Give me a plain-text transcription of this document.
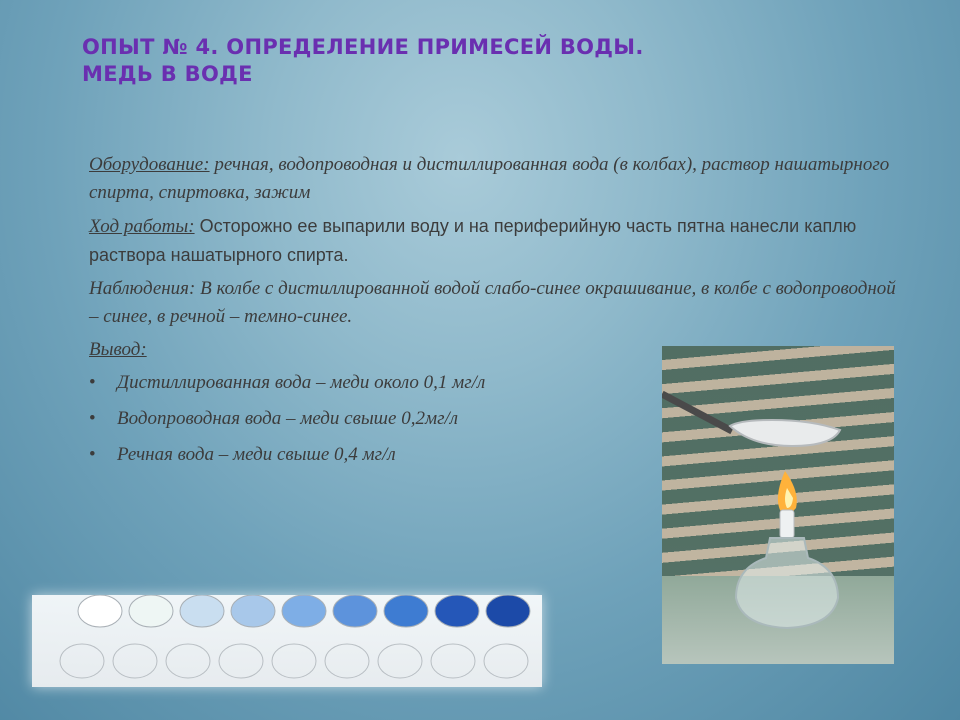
ОПЫТ № 4. ОПРЕДЕЛЕНИЕ ПРИМЕСЕЙ ВОДЫ.
МЕДЬ В ВОДЕ

Оборудование: речная, водопроводная и дистиллированная вода (в колбах), раствор нашатырного спирта, спиртовка, зажим

Ход работы: Осторожно ее выпарили воду и на периферийную часть пятна нанесли каплю раствора нашатырного спирта.

Наблюдения: В колбе с дистиллированной водой слабо-синее окрашивание, в колбе с водопроводной – синее, в речной – темно-синее.

Вывод:

• Дистиллированная вода – меди около 0,1 мг/л
• Водопроводная вода – меди свыше 0,2мг/л
• Речная вода – меди свыше 0,4 мг/л
